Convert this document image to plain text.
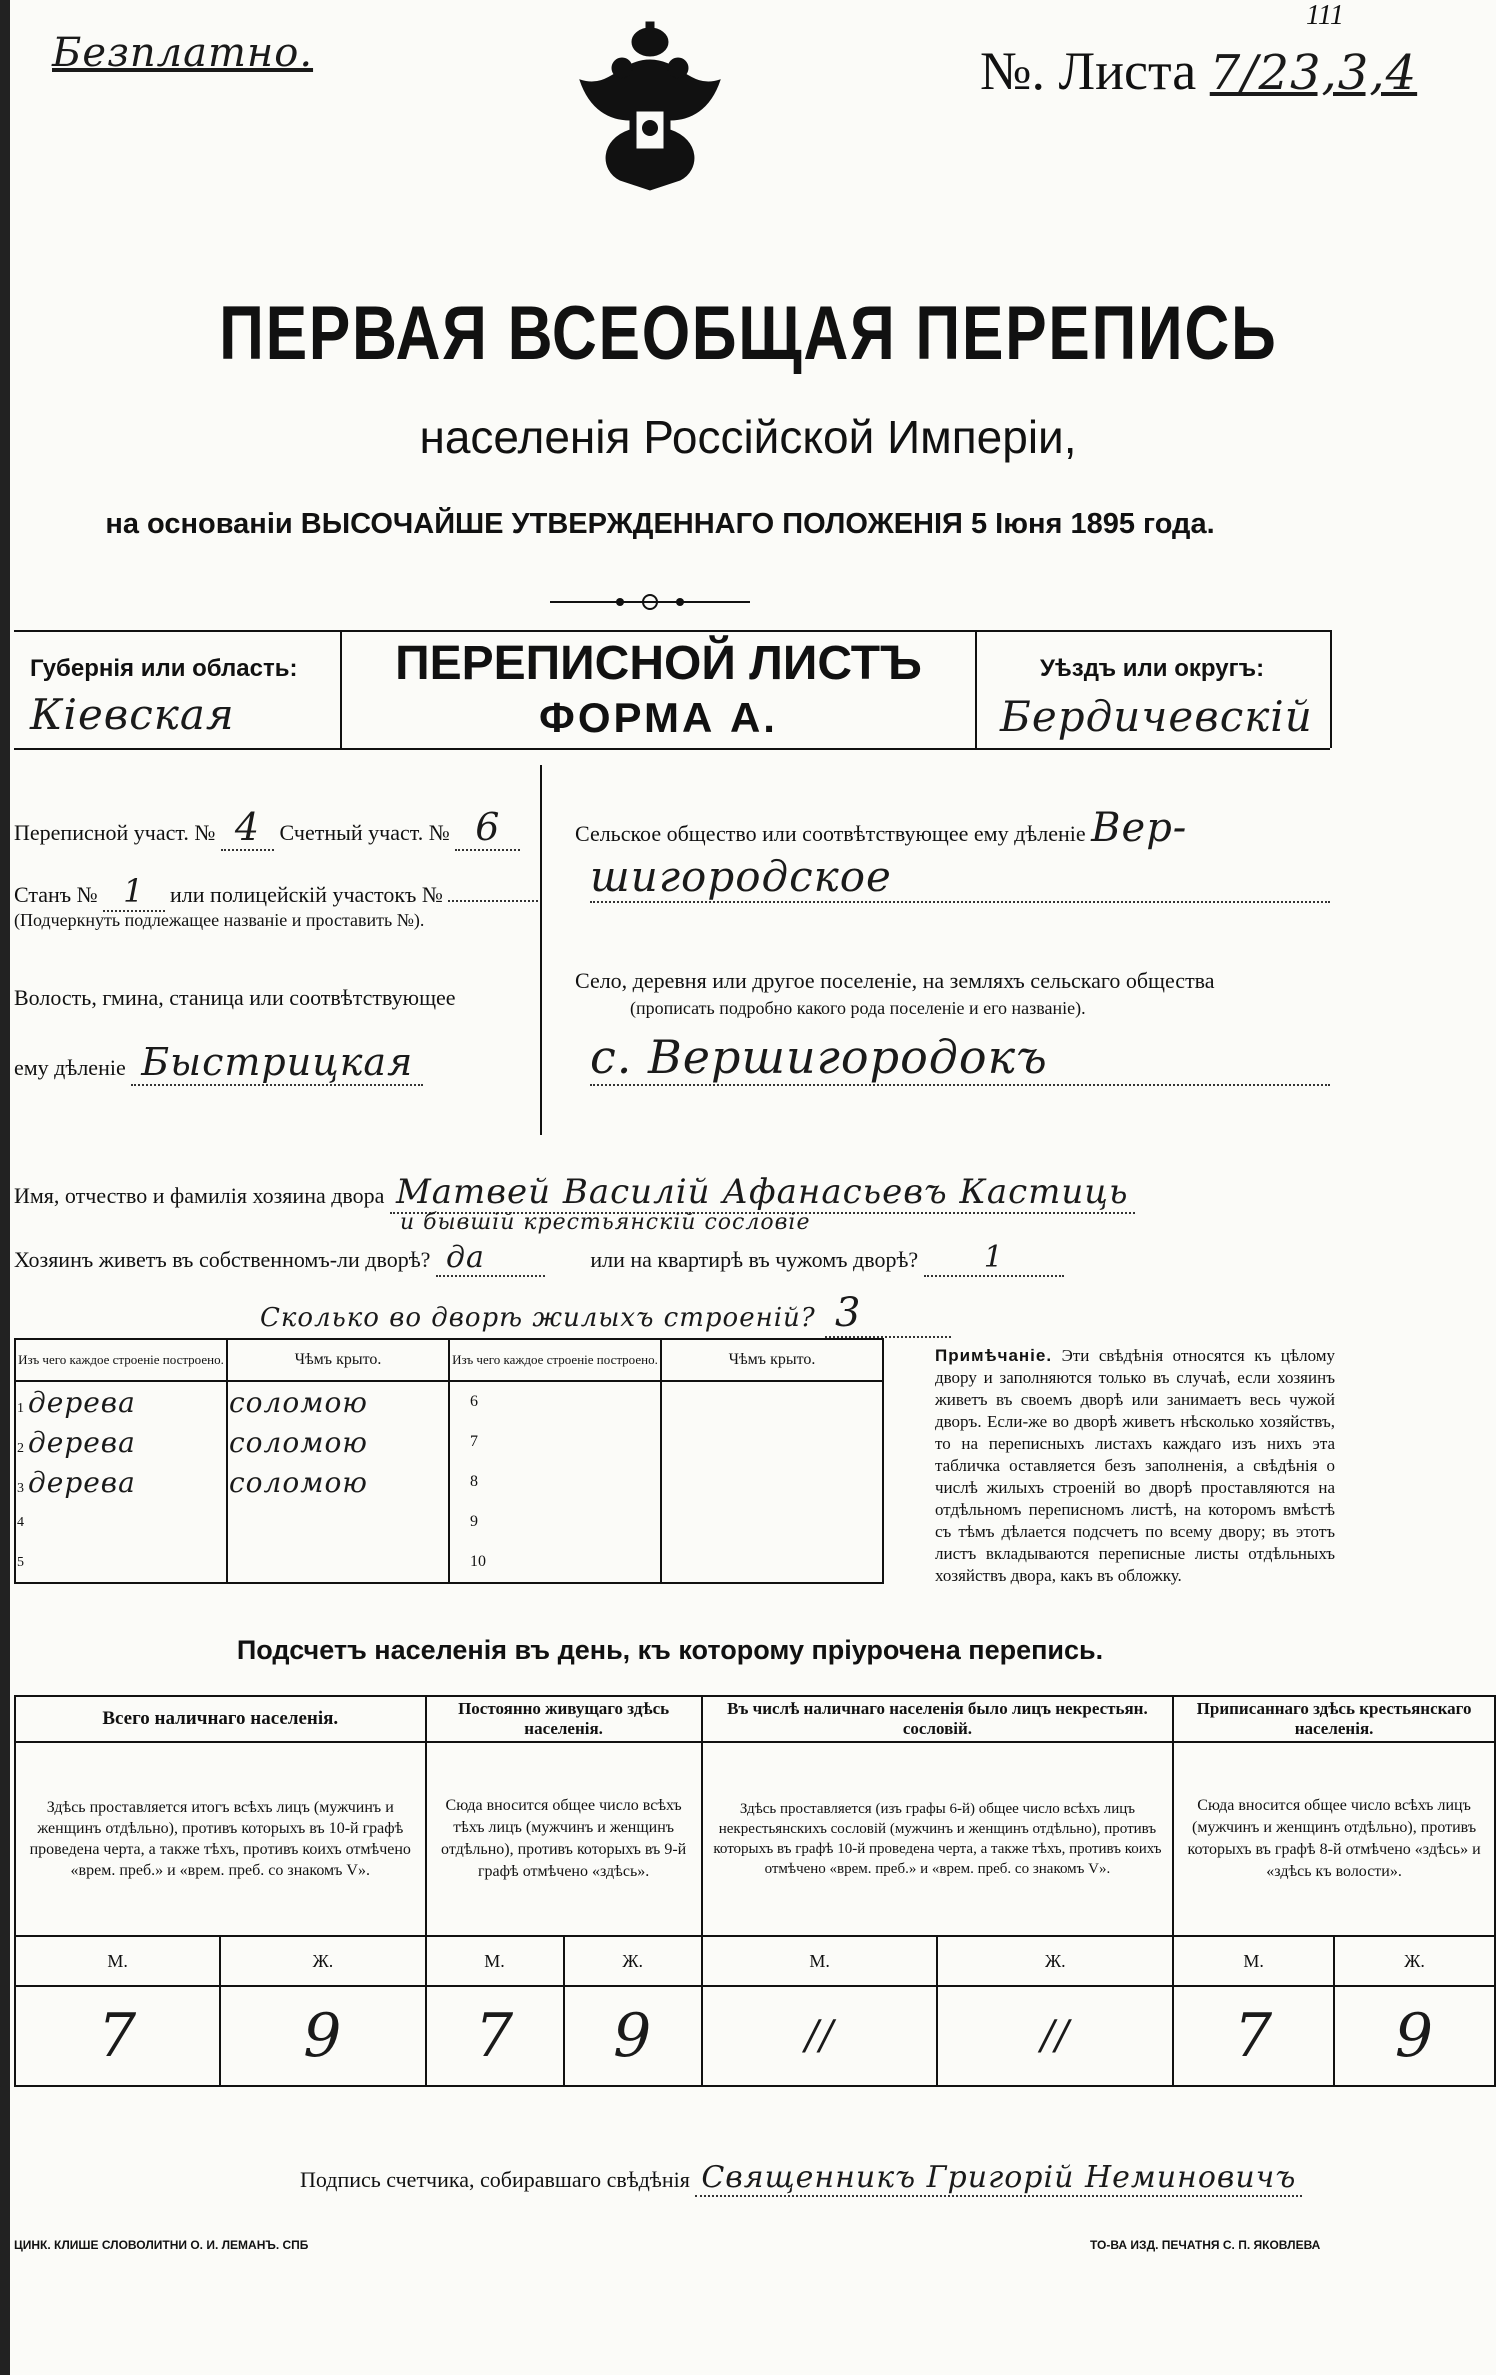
Безплатно.
111
№. Листа 7/23,3,4
ПЕРВАЯ ВСЕОБЩАЯ ПЕРЕПИСЬ
населенія Россійской Имперіи,
на основаніи ВЫСОЧАЙШЕ УТВЕРЖДЕННАГО ПОЛОЖЕНІЯ 5 Іюня 1895 года.
Губернія или область:
Кіевская
ПЕРЕПИСНОЙ ЛИСТЪ
ФОРМА А.
Уѣздъ или округъ:
Бердичевскій
Переписной участ. № 4 Счетный участ. № 6
Станъ № 1 или полицейскій участокъ №
(Подчеркнуть подлежащее названіе и проставить №).
Волость, гмина, станица или соотвѣтствующее
ему дѣленіе Быстрицкая
Сельское общество или соотвѣтствующее ему дѣленіе Вер-
шигородское
Село, деревня или другое поселеніе, на земляхъ сельскаго общества
(прописать подробно какого рода поселеніе и его названіе).
с. Вершигородокъ
Имя, отчество и фамилія хозяина двора Матвей Василій Афанасьевъ Кастиць
и бывшій крестьянскій сословіе
Хозяинъ живетъ въ собственномъ-ли дворѣ? да	или на квартирѣ въ чужомъ дворѣ? 1
Сколько во дворѣ жилыхъ строеній? 3
Изъ чего каждое строеніе построено.	Чѣмъ крыто.	Изъ чего каждое строеніе построено.	Чѣмъ крыто.
1 дерева	соломою	6	
2 дерева	соломою	7	
3 дерева	соломою	8	
4		9	
5		10	
Примѣчаніе. Эти свѣдѣнія относятся къ цѣлому двору и заполняются только въ случаѣ, если хозяинъ живетъ въ своемъ дворѣ или занимаетъ весь чужой дворъ. Если-же во дворѣ живетъ нѣсколько хозяйствъ, то на переписныхъ листахъ каждаго изъ нихъ эта табличка оставляется безъ заполненія, а свѣдѣнія о числѣ жилыхъ строеній во дворѣ проставляются на отдѣльномъ переписномъ листѣ, на которомъ вмѣстѣ съ тѣмъ дѣлается подсчетъ по всему двору; въ этотъ листъ вкладываются переписные листы отдѣльныхъ хозяйствъ двора, какъ въ обложку.
Подсчетъ населенія въ день, къ которому пріурочена перепись.
Всего наличнаго населенія.		Постоянно живущаго здѣсь населенія.		Въ числѣ наличнаго населенія было лицъ некрестьян. сословій.		Приписаннаго здѣсь крестьянскаго населенія.	
Здѣсь проставляется итогъ всѣхъ лицъ (мужчинъ и женщинъ отдѣльно), противъ которыхъ въ 10-й графѣ проведена черта, а также тѣхъ, противъ коихъ отмѣчено «врем. преб.» и «врем. преб. со знакомъ V».		Сюда вносится общее число всѣхъ тѣхъ лицъ (мужчинъ и женщинъ отдѣльно), противъ которыхъ въ 9-й графѣ отмѣчено «здѣсь».		Здѣсь проставляется (изъ графы 6-й) общее число всѣхъ лицъ некрестьянскихъ сословій (мужчинъ и женщинъ отдѣльно), противъ которыхъ въ графѣ 10-й проведена черта, а также тѣхъ, противъ коихъ отмѣчено «врем. преб.» и «врем. преб. со знакомъ V».		Сюда вносится общее число всѣхъ лицъ (мужчинъ и женщинъ отдѣльно), противъ которыхъ въ графѣ 8-й отмѣчено «здѣсь» и «здѣсь къ волости».	
М.	Ж.	М.	Ж.	М.	Ж.	М.	Ж.
7	9	7	9	//	//	7	9
Подпись счетчика, собиравшаго свѣдѣнія Священникъ Григорій Неминовичъ
ЦИНК. КЛИШЕ СЛОВОЛИТНИ О. И. ЛЕМАНЪ. СПБ	ТО-ВА ИЗД. ПЕЧАТНЯ С. П. ЯКОВЛЕВА
